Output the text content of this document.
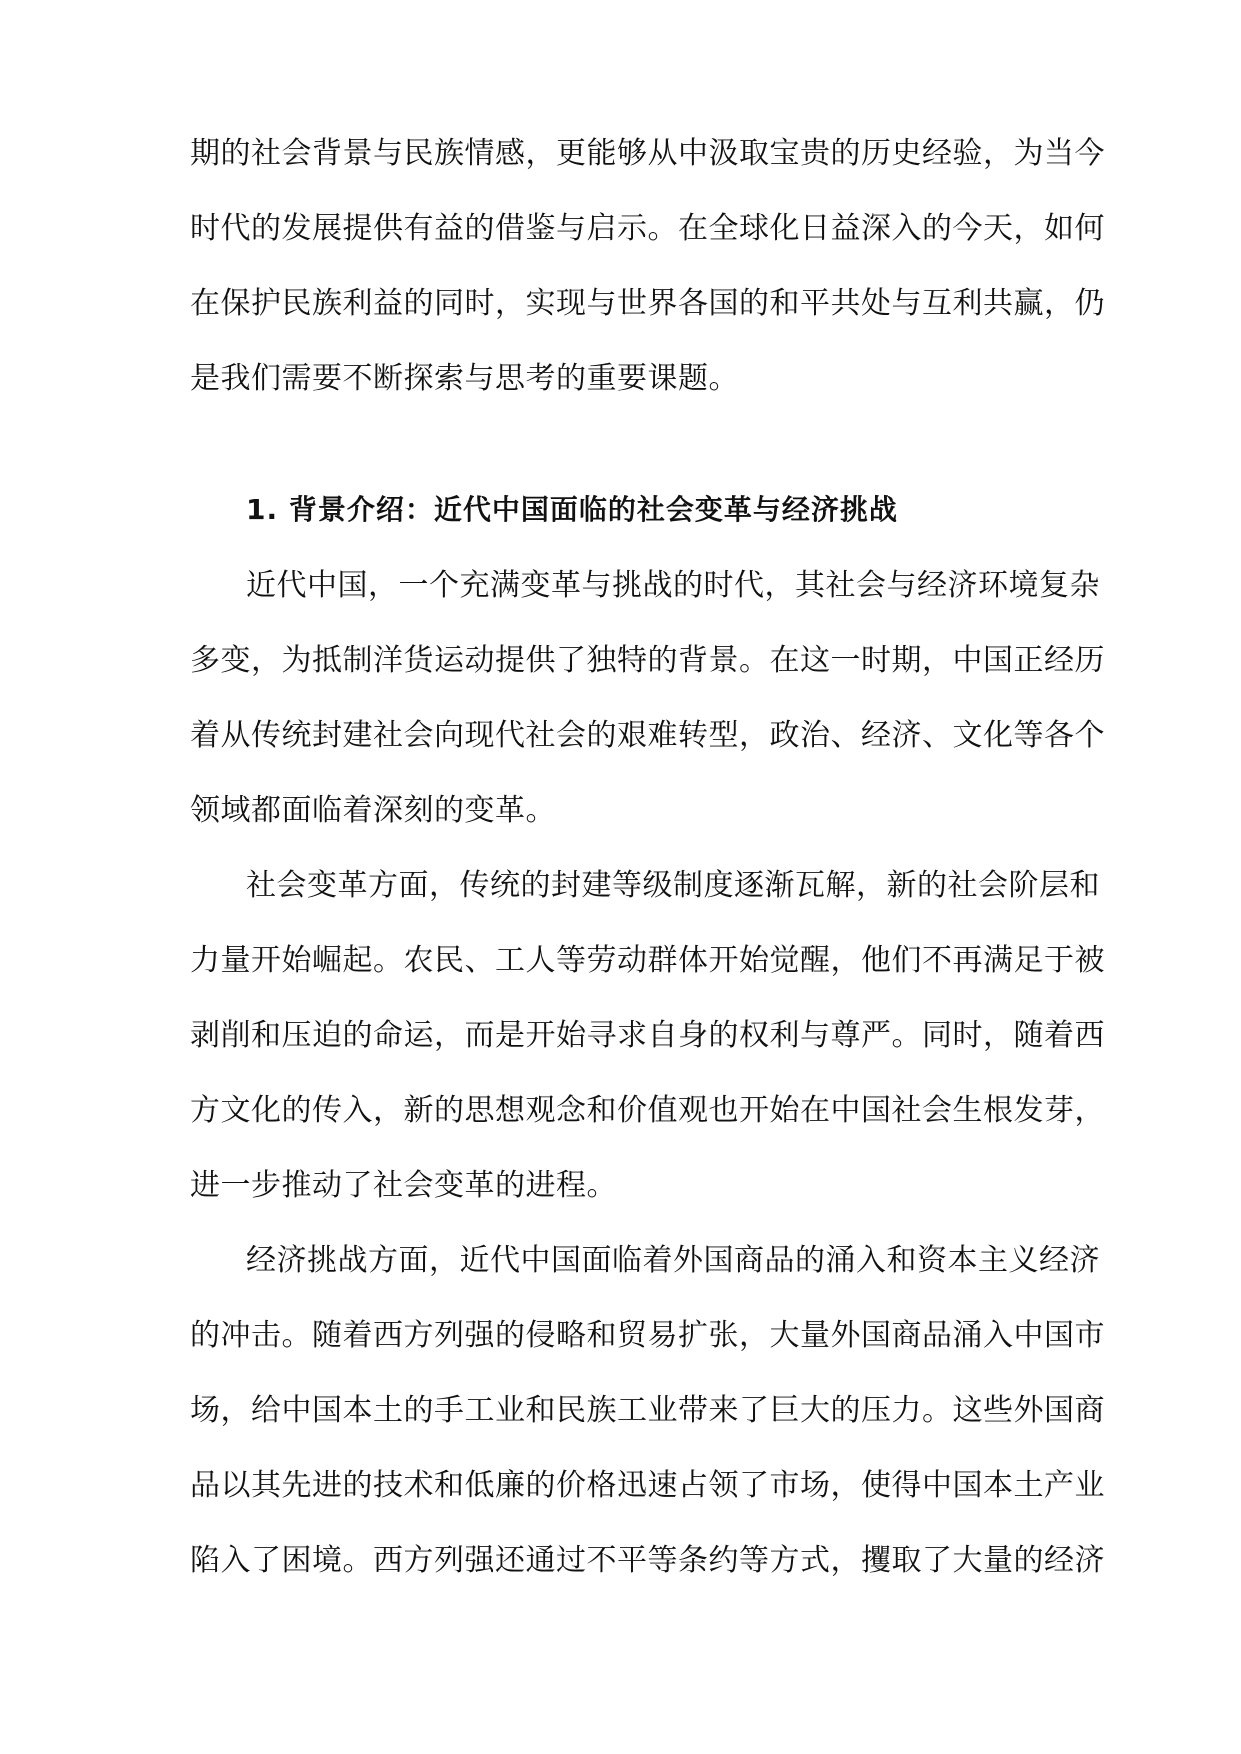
期的社会背景与民族情感，更能够从中汲取宝贵的历史经验，为当今
时代的发展提供有益的借鉴与启示。在全球化日益深入的今天，如何
在保护民族利益的同时，实现与世界各国的和平共处与互利共赢，仍
是我们需要不断探索与思考的重要课题。
1. 背景介绍：近代中国面临的社会变革与经济挑战
近代中国，一个充满变革与挑战的时代，其社会与经济环境复杂
多变，为抵制洋货运动提供了独特的背景。在这一时期，中国正经历
着从传统封建社会向现代社会的艰难转型，政治、经济、文化等各个
领域都面临着深刻的变革。
社会变革方面，传统的封建等级制度逐渐瓦解，新的社会阶层和
力量开始崛起。农民、工人等劳动群体开始觉醒，他们不再满足于被
剥削和压迫的命运，而是开始寻求自身的权利与尊严。同时，随着西
方文化的传入，新的思想观念和价值观也开始在中国社会生根发芽，
进一步推动了社会变革的进程。
经济挑战方面，近代中国面临着外国商品的涌入和资本主义经济
的冲击。随着西方列强的侵略和贸易扩张，大量外国商品涌入中国市
场，给中国本土的手工业和民族工业带来了巨大的压力。这些外国商
品以其先进的技术和低廉的价格迅速占领了市场，使得中国本土产业
陷入了困境。西方列强还通过不平等条约等方式，攫取了大量的经济
